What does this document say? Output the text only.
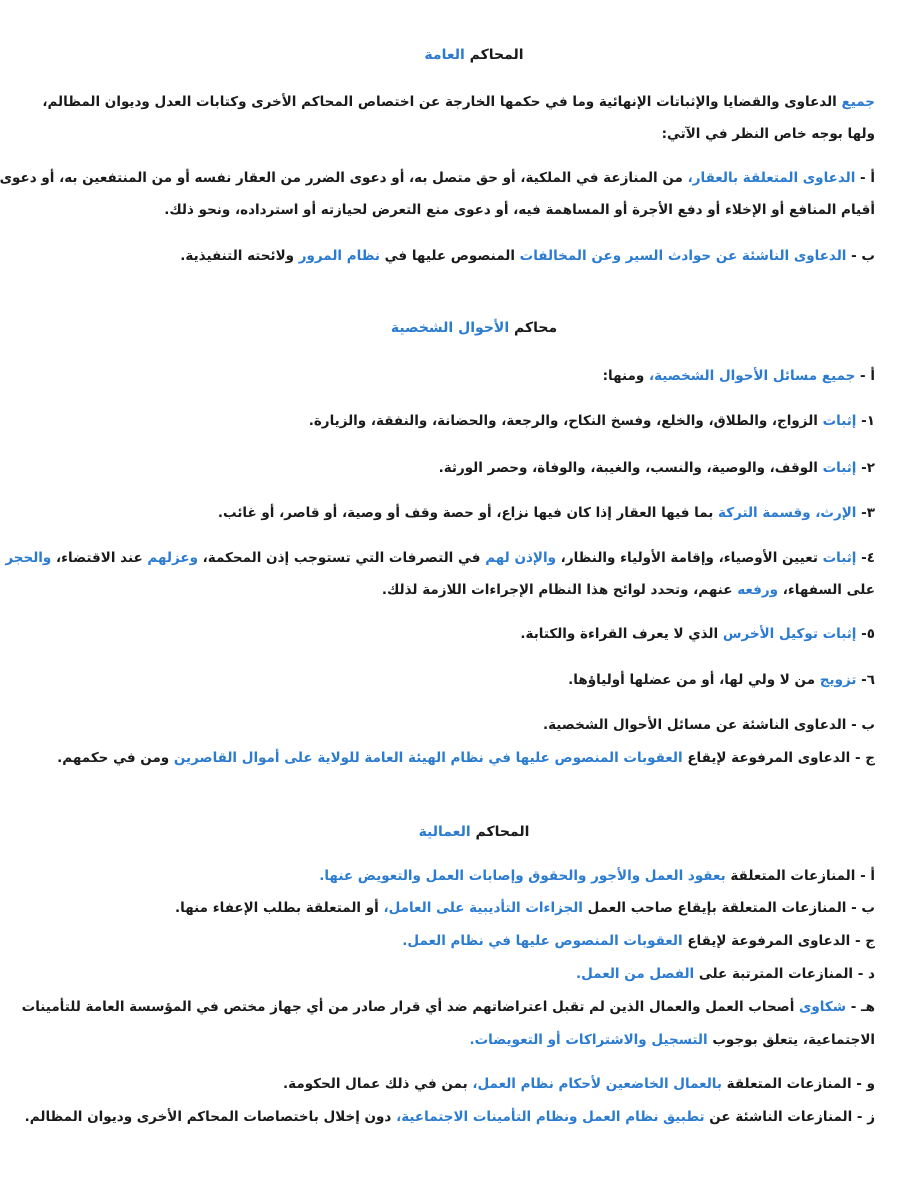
المحاكم العامة
جميع الدعاوى والقضايا والإثباتات الإنهائية وما في حكمها الخارجة عن اختصاص المحاكم الأخرى وكتابات العدل وديوان المظالم،
ولها بوجه خاص النظر في الآتي:
أ - الدعاوى المتعلقة بالعقار، من المنازعة في الملكية، أو حق متصل به، أو دعوى الضرر من العقار نفسه أو من المنتفعين به، أو دعوى
أقيام المنافع أو الإخلاء أو دفع الأجرة أو المساهمة فيه، أو دعوى منع التعرض لحيازته أو استرداده، ونحو ذلك.
ب - الدعاوى الناشئة عن حوادث السير وعن المخالفات المنصوص عليها في نظام المرور ولائحته التنفيذية.
محاكم الأحوال الشخصية
أ - جميع مسائل الأحوال الشخصية، ومنها:
١- إثبات الزواج، والطلاق، والخلع، وفسخ النكاح، والرجعة، والحضانة، والنفقة، والزيارة.
٢- إثبات الوقف، والوصية، والنسب، والغيبة، والوفاة، وحصر الورثة.
٣- الإرث، وقسمة التركة بما فيها العقار إذا كان فيها نزاع، أو حصة وقف أو وصية، أو قاصر، أو غائب.
٤- إثبات تعيين الأوصياء، وإقامة الأولياء والنظار، والإذن لهم في التصرفات التي تستوجب إذن المحكمة، وعزلهم عند الاقتضاء، والحجر
على السفهاء، ورفعه عنهم، وتحدد لوائح هذا النظام الإجراءات اللازمة لذلك.
٥- إثبات توكيل الأخرس الذي لا يعرف القراءة والكتابة.
٦- تزويج من لا ولي لها، أو من عضلها أولياؤها.
ب - الدعاوى الناشئة عن مسائل الأحوال الشخصية.
ج - الدعاوى المرفوعة لإيقاع العقوبات المنصوص عليها في نظام الهيئة العامة للولاية على أموال القاصرين ومن في حكمهم.
المحاكم العمالية
أ - المنازعات المتعلقة بعقود العمل والأجور والحقوق وإصابات العمل والتعويض عنها.
ب - المنازعات المتعلقة بإيقاع صاحب العمل الجزاءات التأديبية على العامل، أو المتعلقة بطلب الإعفاء منها.
ج - الدعاوى المرفوعة لإيقاع العقوبات المنصوص عليها في نظام العمل.
د - المنازعات المترتبة على الفصل من العمل.
هـ - شكاوى أصحاب العمل والعمال الذين لم تقبل اعتراضاتهم ضد أي قرار صادر من أي جهاز مختص في المؤسسة العامة للتأمينات
الاجتماعية، يتعلق بوجوب التسجيل والاشتراكات أو التعويضات.
و - المنازعات المتعلقة بالعمال الخاضعين لأحكام نظام العمل، بمن في ذلك عمال الحكومة.
ز - المنازعات الناشئة عن تطبيق نظام العمل ونظام التأمينات الاجتماعية، دون إخلال باختصاصات المحاكم الأخرى وديوان المظالم.
